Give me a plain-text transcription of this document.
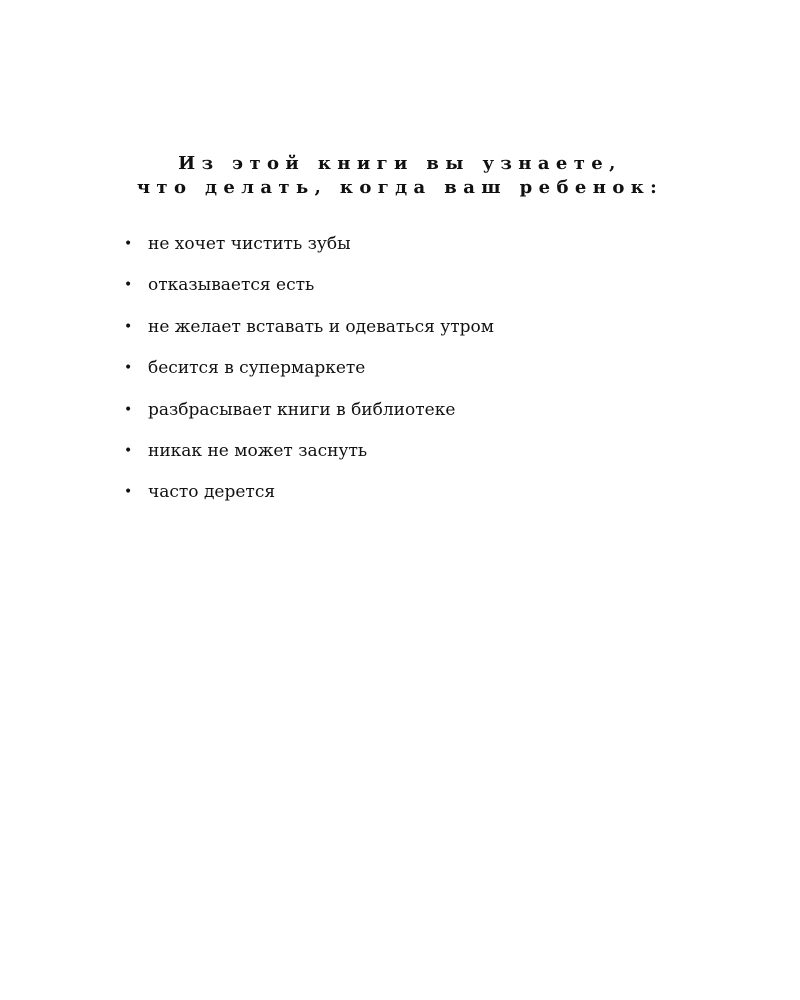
Из этой книги вы узнаете,
что делать, когда ваш ребенок:
• не хочет чистить зубы
• отказывается есть
• не желает вставать и одеваться утром
• бесится в супермаркете
• разбрасывает книги в библиотеке
• никак не может заснуть
• часто дерется
